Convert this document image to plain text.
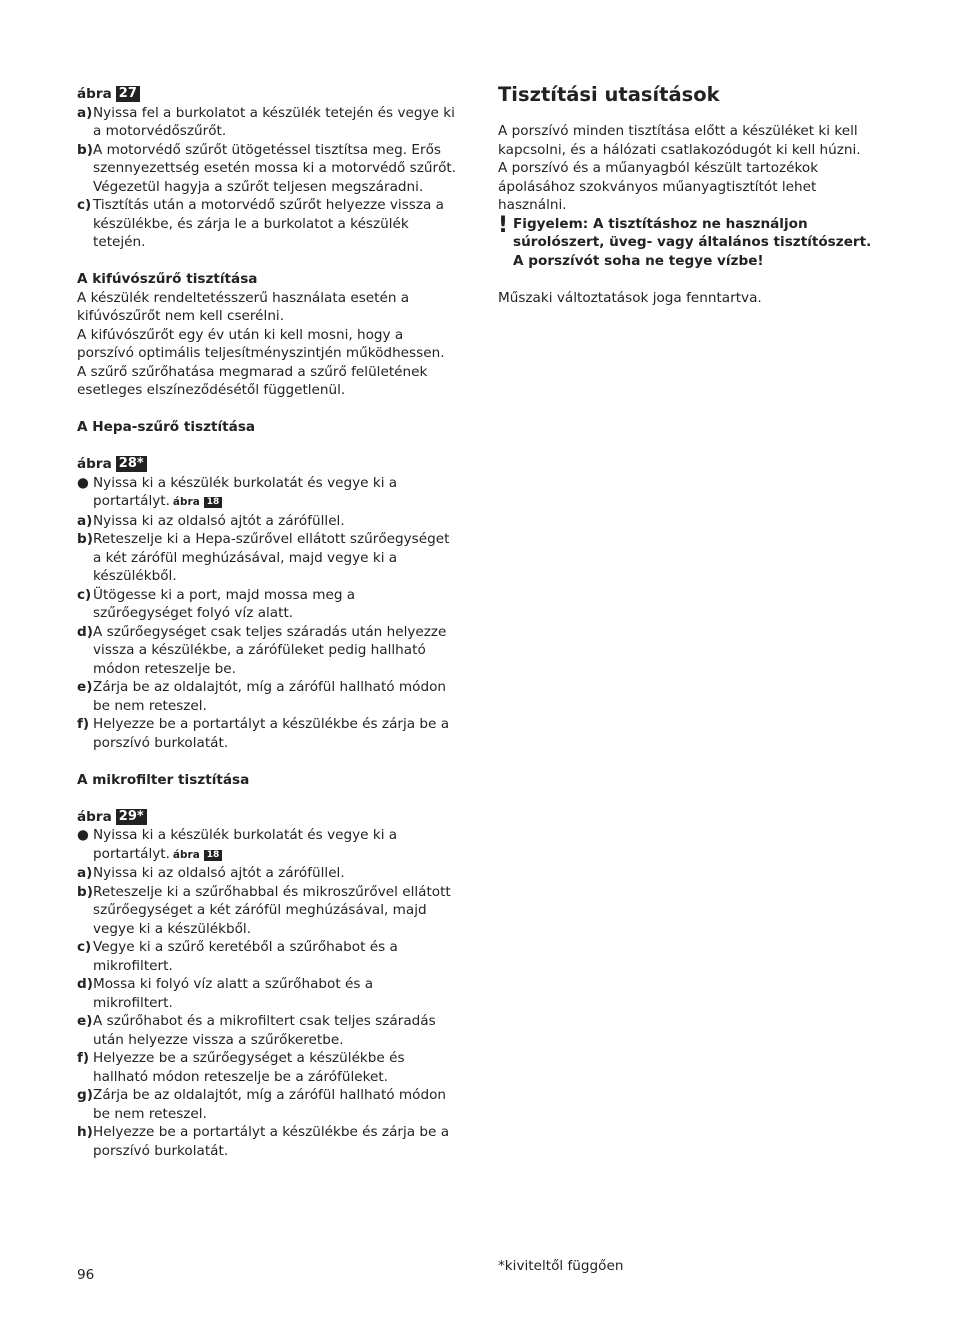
ábra 27
a) Nyissa fel a burkolatot a készülék tetején és vegye ki a motorvédőszűrőt.
b) A motorvédő szűrőt ütögetéssel tisztítsa meg. Erős szennyezettség esetén mossa ki a motorvédő szűrőt. Végezetül hagyja a szűrőt teljesen megszáradni.
c) Tisztítás után a motorvédő szűrőt helyezze vissza a készülékbe, és zárja le a burkolatot a készülék tetején.

A kifúvószűrő tisztítása

A készülék rendeltetésszerű használata esetén a kifúvószűrőt nem kell cserélni.

A kifúvószűrőt egy év után ki kell mosni, hogy a porszívó optimális teljesítményszintjén működhessen. A szűrő szűrőhatása megmarad a szűrő felületének esetleges elszíneződésétől függetlenül.

A Hepa-szűrő tisztítása

ábra 28*
● Nyissa ki a készülék burkolatát és vegye ki a portartályt. ábra 18
a) Nyissa ki az oldalsó ajtót a zárófüllel.
b) Reteszelje ki a Hepa-szűrővel ellátott szűrőegységet a két zárófül meghúzásával, majd vegye ki a készülékből.
c) Ütögesse ki a port, majd mossa meg a szűrőegységet folyó víz alatt.
d) A szűrőegységet csak teljes száradás után helyezze vissza a készülékbe, a zárófüleket pedig hallható módon reteszelje be.
e) Zárja be az oldalajtót, míg a zárófül hallható módon be nem reteszel.
f) Helyezze be a portartályt a készülékbe és zárja be a porszívó burkolatát.

A mikrofilter tisztítása

ábra 29*
● Nyissa ki a készülék burkolatát és vegye ki a portartályt. ábra 18
a) Nyissa ki az oldalsó ajtót a zárófüllel.
b) Reteszelje ki a szűrőhabbal és mikroszűrővel ellátott szűrőegységet a két zárófül meghúzásával, majd vegye ki a készülékből.
c) Vegye ki a szűrő keretéből a szűrőhabot és a mikrofiltert.
d) Mossa ki folyó víz alatt a szűrőhabot és a mikrofiltert.
e) A szűrőhabot és a mikrofiltert csak teljes száradás után helyezze vissza a szűrőkeretbe.
f) Helyezze be a szűrőegységet a készülékbe és hallható módon reteszelje be a zárófüleket.
g) Zárja be az oldalajtót, míg a zárófül hallható módon be nem reteszel.
h) Helyezze be a portartályt a készülékbe és zárja be a porszívó burkolatát.
Tisztítási utasítások

A porszívó minden tisztítása előtt a készüléket ki kell kapcsolni, és a hálózati csatlakozódugót ki kell húzni. A porszívó és a műanyagból készült tartozékok ápolásához szokványos műanyagtisztítót lehet használni.

! Figyelem: A tisztításhoz ne használjon súrolószert, üveg- vagy általános tisztítószert. A porszívót soha ne tegye vízbe!

Műszaki változtatások joga fenntartva.

96
*kiviteltől függően
